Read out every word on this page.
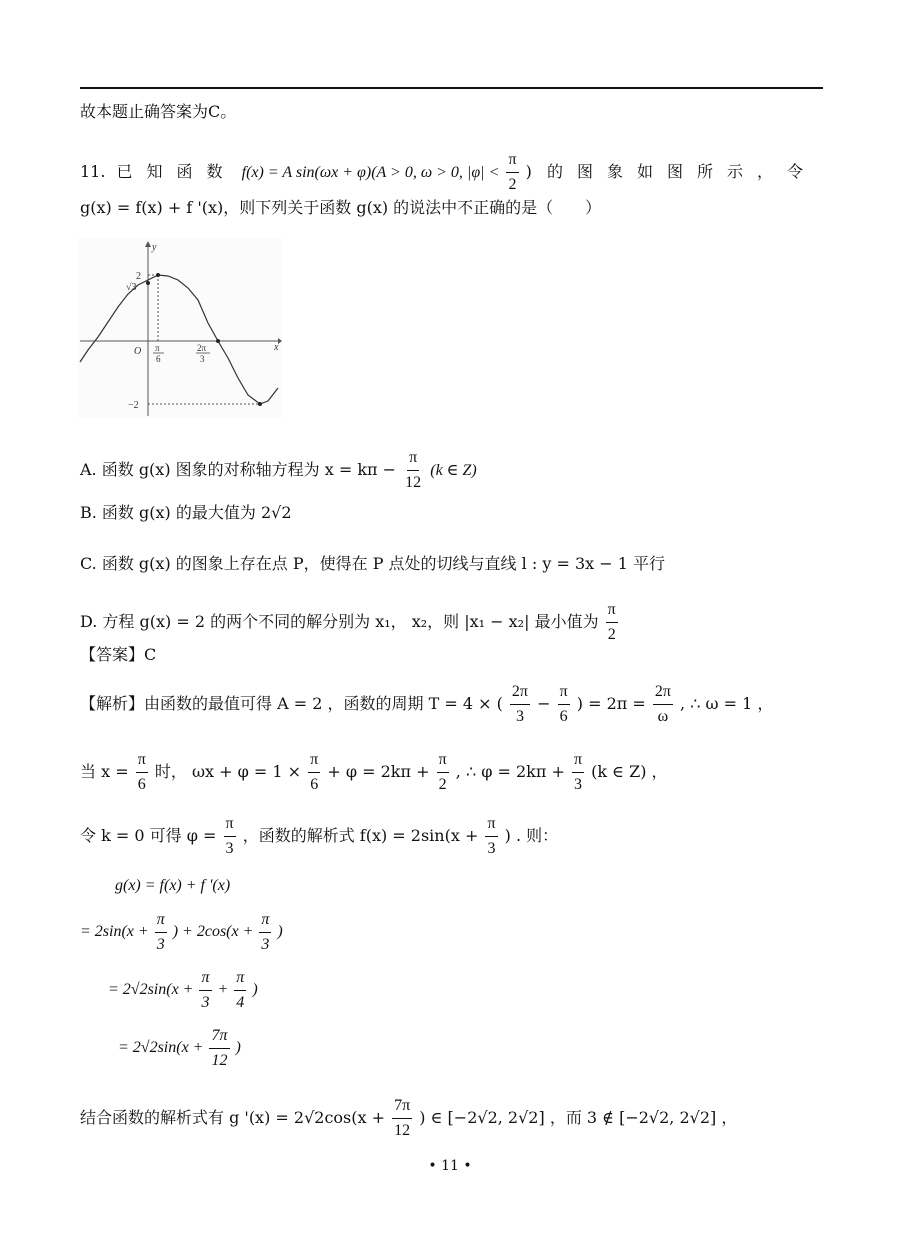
故本题止确答案为C。
11. 已知函数 f(x) = A sin(ωx + φ)(A > 0, ω > 0, $|\varphi| < \frac{\pi}{2}$ ) 的图象如图所示，令
g(x) = f(x) + f '(x)，则下列关于函数 g(x) 的说法中不正确的是（　　）
y
x
O
2
√3
−2
π
6
2π
3
A. 函数 g(x) 图象的对称轴方程为 $x = k\pi - \frac{\pi}{12} (k$ ∈ Z)
B. 函数 g(x) 的最大值为 2√2
C. 函数 g(x) 的图象上存在点 P，使得在 P 点处的切线与直线 l : y = 3x − 1 平行
D. 方程 g(x) = 2 的两个不同的解分别为 x₁， x₂，则 |x₁ − x₂| 最小值为 $\frac{\pi}{2}$
【答案】C
【解析】由函数的最值可得 A = 2 ，函数的周期 T = 4 × ( $\frac{2\pi}{3} - \frac{\pi}{6}$ ) = $2\pi = \frac{2\pi}{\omega}$ , ∴ ω = 1 ，
当 $x = \frac{\pi}{6}$ 时， $\omega x + \varphi = 1 \times \frac{\pi}{6} + \varphi = 2k\pi + \frac{\pi}{2}$ , ∴ $\varphi = 2k\pi + \frac{\pi}{3} (k$ ∈ Z) ，
令 k = 0 可得 $\varphi = \frac{\pi}{3}$ ，函数的解析式 $f(x) = 2\sin(x + \frac{\pi}{3}$ ) . 则：
g(x) = f(x) + f '(x)
= $2\sin(x + \frac{\pi}{3}$ ) + $2\cos(x + \frac{\pi}{3}$ )
= $2√2\sin(x + \frac{\pi}{3} + \frac{\pi}{4}$ )
= $2√2\sin(x + \frac{7\pi}{12}$ )
结合函数的解析式有 g '$(x) = 2√2\cos(x + \frac{7\pi}{12}$ ) ∈ [−2√2, 2√2] ，而 3 ∉ [−2√2, 2√2] ，
• 11 •
